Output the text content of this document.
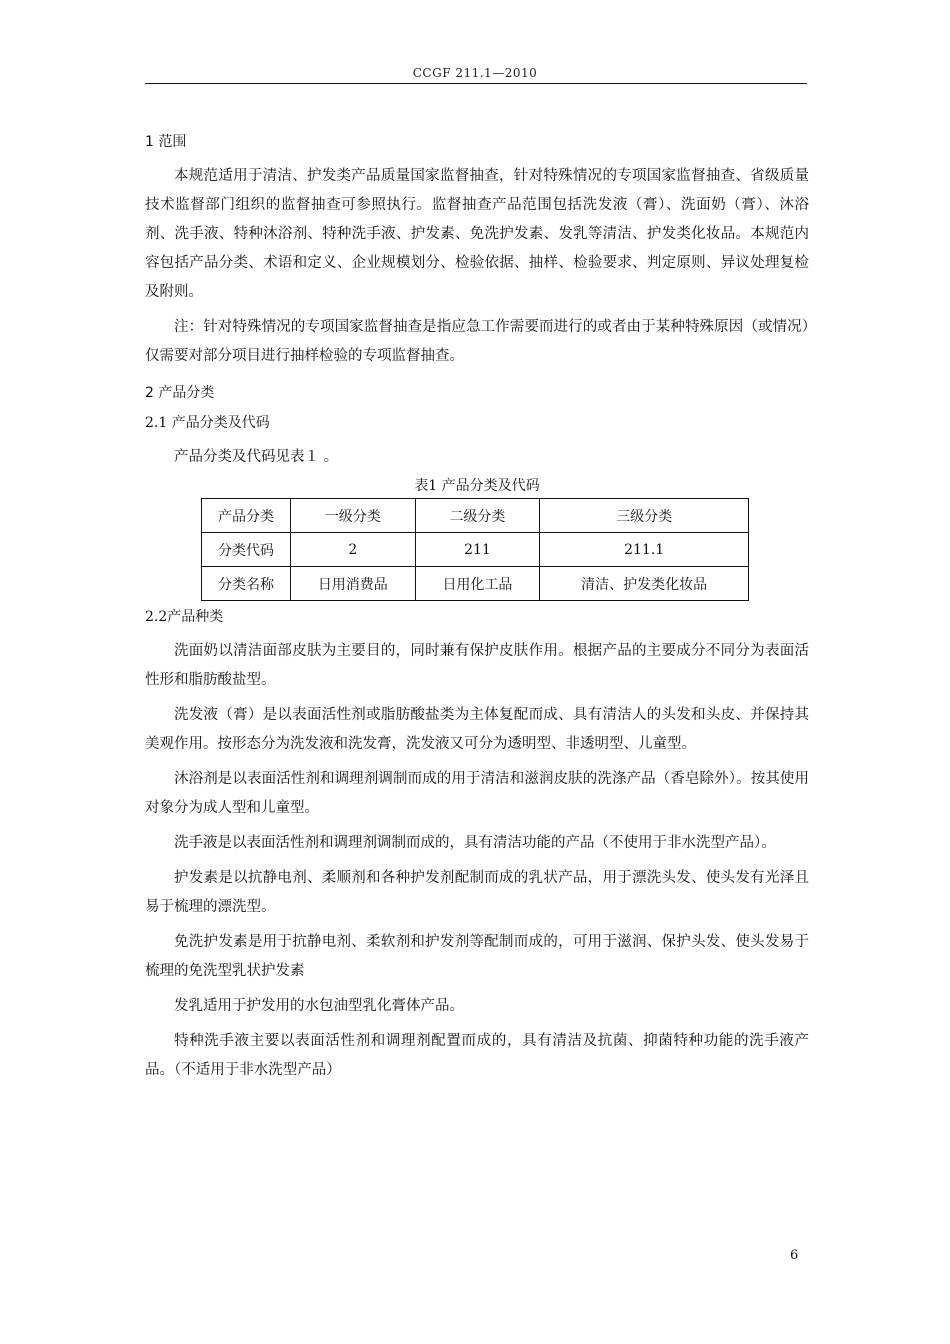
CCGF 211.1—2010
1 范围

本规范适用于清洁、护发类产品质量国家监督抽查，针对特殊情况的专项国家监督抽查、省级质量技术监督部门组织的监督抽查可参照执行。监督抽查产品范围包括洗发液（膏）、洗面奶（膏）、沐浴剂、洗手液、特种沐浴剂、特种洗手液、护发素、免洗护发素、发乳等清洁、护发类化妆品。本规范内容包括产品分类、术语和定义、企业规模划分、检验依据、抽样、检验要求、判定原则、异议处理复检及附则。

注：针对特殊情况的专项国家监督抽查是指应急工作需要而进行的或者由于某种特殊原因（或情况）仅需要对部分项目进行抽样检验的专项监督抽查。

2 产品分类
2.1 产品分类及代码

产品分类及代码见表１ 。

表1 产品分类及代码
产品分类	一级分类	二级分类	三级分类
分类代码	2	211	211.1
分类名称	日用消费品	日用化工品	清洁、护发类化妆品
2.2产品种类

洗面奶以清洁面部皮肤为主要目的，同时兼有保护皮肤作用。根据产品的主要成分不同分为表面活性形和脂肪酸盐型。

洗发液（膏）是以表面活性剂或脂肪酸盐类为主体复配而成、具有清洁人的头发和头皮、并保持其美观作用。按形态分为洗发液和洗发膏，洗发液又可分为透明型、非透明型、儿童型。

沐浴剂是以表面活性剂和调理剂调制而成的用于清洁和滋润皮肤的洗涤产品（香皂除外）。按其使用对象分为成人型和儿童型。

洗手液是以表面活性剂和调理剂调制而成的，具有清洁功能的产品（不使用于非水洗型产品）。

护发素是以抗静电剂、柔顺剂和各种护发剂配制而成的乳状产品，用于漂洗头发、使头发有光泽且易于梳理的漂洗型。

免洗护发素是用于抗静电剂、柔软剂和护发剂等配制而成的，可用于滋润、保护头发、使头发易于梳理的免洗型乳状护发素

发乳适用于护发用的水包油型乳化膏体产品。

特种洗手液主要以表面活性剂和调理剂配置而成的，具有清洁及抗菌、抑菌特种功能的洗手液产品。（不适用于非水洗型产品）

6
